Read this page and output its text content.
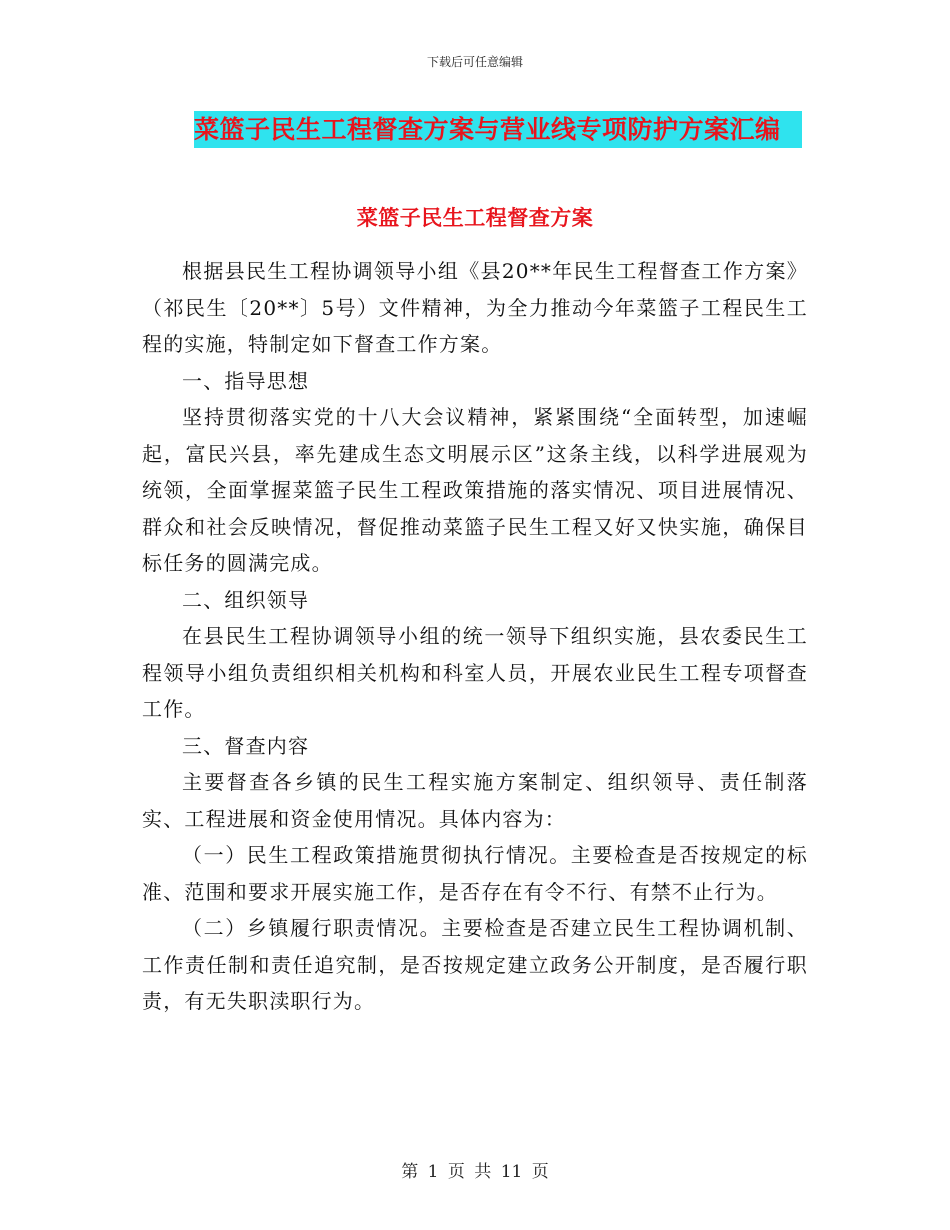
下载后可任意编辑
菜篮子民生工程督查方案与营业线专项防护方案汇编
菜篮子民生工程督查方案

根据县民生工程协调领导小组《县20**年民生工程督查工作方案》（祁民生〔20**〕5号）文件精神，为全力推动今年菜篮子工程民生工程的实施，特制定如下督查工作方案。

一、指导思想

坚持贯彻落实党的十八大会议精神，紧紧围绕“全面转型，加速崛起，富民兴县，率先建成生态文明展示区”这条主线，以科学进展观为统领，全面掌握菜篮子民生工程政策措施的落实情况、项目进展情况、群众和社会反映情况，督促推动菜篮子民生工程又好又快实施，确保目标任务的圆满完成。

二、组织领导

在县民生工程协调领导小组的统一领导下组织实施，县农委民生工程领导小组负责组织相关机构和科室人员，开展农业民生工程专项督查工作。

三、督查内容

主要督查各乡镇的民生工程实施方案制定、组织领导、责任制落实、工程进展和资金使用情况。具体内容为：

（一）民生工程政策措施贯彻执行情况。主要检查是否按规定的标准、范围和要求开展实施工作，是否存在有令不行、有禁不止行为。

（二）乡镇履行职责情况。主要检查是否建立民生工程协调机制、工作责任制和责任追究制，是否按规定建立政务公开制度，是否履行职责，有无失职渎职行为。

第 1 页 共 11 页
